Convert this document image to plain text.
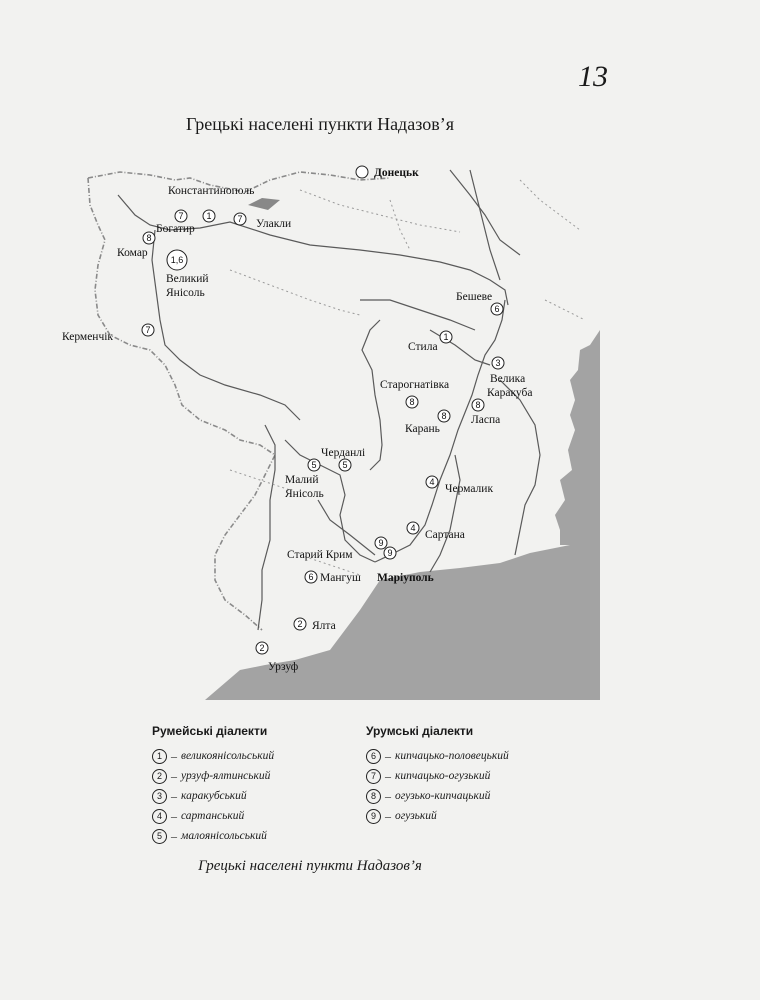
13
Грецькі населені пункти Надазов’я
Донецьк
Константинополь
7
Богатир
1	7 Улакли
8
Комар
1,6
Великий
Янісоль
7
Керменчік
6
Бешеве
1
Стила
3
Велика
Каракуба
Старогнатівка
8
8
Карань
8
Ласпа
Черданлі
5
5
Малий
Янісоль
4
Чермалик
4
Сартана
9
9
Старий Крим
6 Мангуш Маріуполь
2 Ялта
2
Урзуф
Румейські діалекти
1 – великоянісольський
2 – урзуф-ялтинський
3 – каракубський
4 – сартанський
5 – малоянісольський
Урумські діалекти
6 – кипчацько-половецький
7 – кипчацько-огузький
8 – огузько-кипчацький
9 – огузький
Грецькі населені пункти Надазов’я
